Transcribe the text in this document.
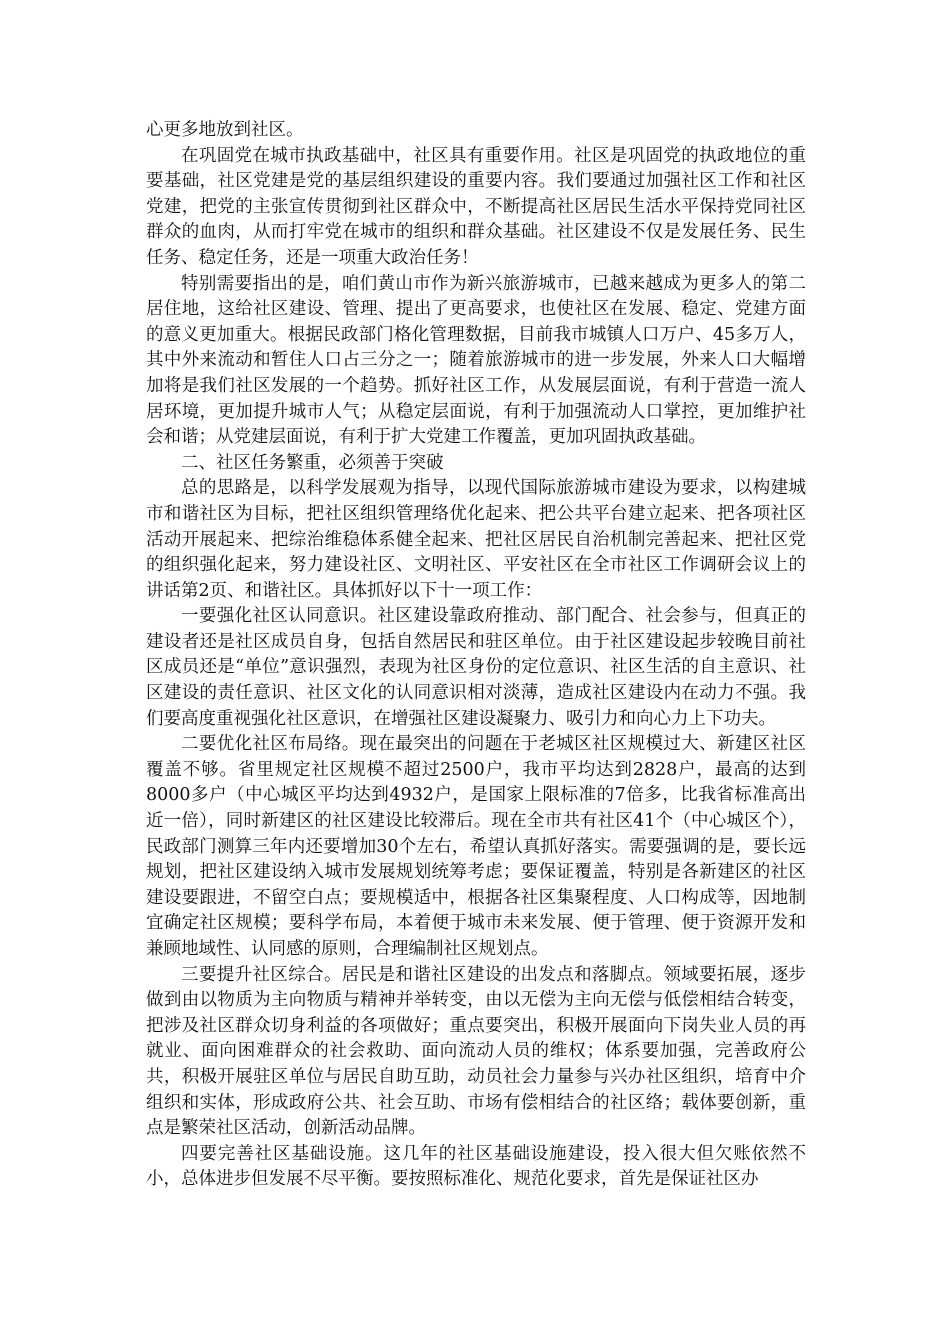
心更多地放到社区。

在巩固党在城市执政基础中，社区具有重要作用。社区是巩固党的执政地位的重要基础，社区党建是党的基层组织建设的重要内容。我们要通过加强社区工作和社区党建，把党的主张宣传贯彻到社区群众中，不断提高社区居民生活水平保持党同社区群众的血肉，从而打牢党在城市的组织和群众基础。社区建设不仅是发展任务、民生任务、稳定任务，还是一项重大政治任务！

特别需要指出的是，咱们黄山市作为新兴旅游城市，已越来越成为更多人的第二居住地，这给社区建设、管理、提出了更高要求，也使社区在发展、稳定、党建方面的意义更加重大。根据民政部门格化管理数据，目前我市城镇人口万户、45多万人，其中外来流动和暂住人口占三分之一；随着旅游城市的进一步发展，外来人口大幅增加将是我们社区发展的一个趋势。抓好社区工作，从发展层面说，有利于营造一流人居环境，更加提升城市人气；从稳定层面说，有利于加强流动人口掌控，更加维护社会和谐；从党建层面说，有利于扩大党建工作覆盖，更加巩固执政基础。

二、社区任务繁重，必须善于突破

总的思路是，以科学发展观为指导，以现代国际旅游城市建设为要求，以构建城市和谐社区为目标，把社区组织管理络优化起来、把公共平台建立起来、把各项社区活动开展起来、把综治维稳体系健全起来、把社区居民自治机制完善起来、把社区党的组织强化起来，努力建设社区、文明社区、平安社区在全市社区工作调研会议上的讲话第2页、和谐社区。具体抓好以下十一项工作：

一要强化社区认同意识。社区建设靠政府推动、部门配合、社会参与，但真正的建设者还是社区成员自身，包括自然居民和驻区单位。由于社区建设起步较晚目前社区成员还是“单位”意识强烈，表现为社区身份的定位意识、社区生活的自主意识、社区建设的责任意识、社区文化的认同意识相对淡薄，造成社区建设内在动力不强。我们要高度重视强化社区意识，在增强社区建设凝聚力、吸引力和向心力上下功夫。

二要优化社区布局络。现在最突出的问题在于老城区社区规模过大、新建区社区覆盖不够。省里规定社区规模不超过2500户，我市平均达到2828户，最高的达到8000多户（中心城区平均达到4932户，是国家上限标准的7倍多，比我省标准高出近一倍），同时新建区的社区建设比较滞后。现在全市共有社区41个（中心城区个），民政部门测算三年内还要增加30个左右，希望认真抓好落实。需要强调的是，要长远规划，把社区建设纳入城市发展规划统筹考虑；要保证覆盖，特别是各新建区的社区建设要跟进，不留空白点；要规模适中，根据各社区集聚程度、人口构成等，因地制宜确定社区规模；要科学布局，本着便于城市未来发展、便于管理、便于资源开发和兼顾地域性、认同感的原则，合理编制社区规划点。

三要提升社区综合。居民是和谐社区建设的出发点和落脚点。领域要拓展，逐步做到由以物质为主向物质与精神并举转变，由以无偿为主向无偿与低偿相结合转变，把涉及社区群众切身利益的各项做好；重点要突出，积极开展面向下岗失业人员的再就业、面向困难群众的社会救助、面向流动人员的维权；体系要加强，完善政府公共，积极开展驻区单位与居民自助互助，动员社会力量参与兴办社区组织，培育中介组织和实体，形成政府公共、社会互助、市场有偿相结合的社区络；载体要创新，重点是繁荣社区活动，创新活动品牌。

四要完善社区基础设施。这几年的社区基础设施建设，投入很大但欠账依然不小，总体进步但发展不尽平衡。要按照标准化、规范化要求，首先是保证社区办
